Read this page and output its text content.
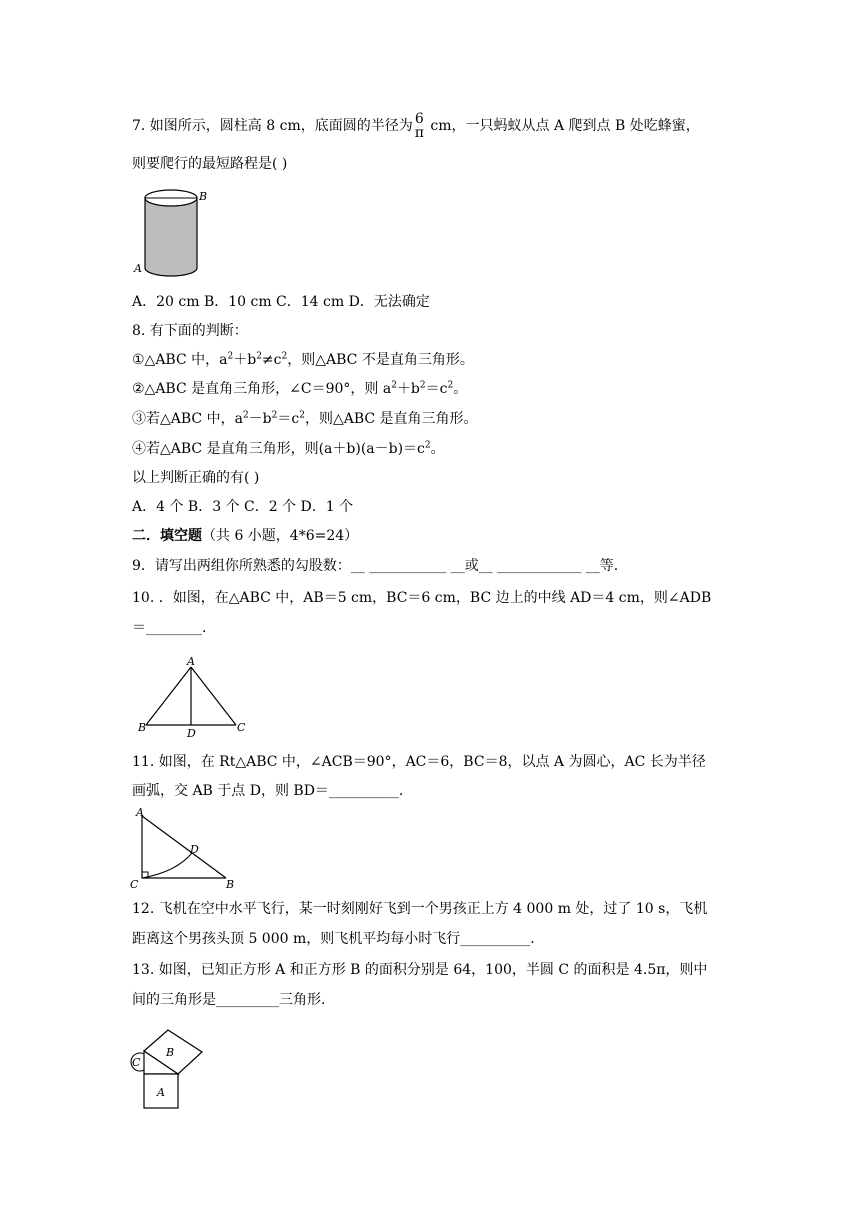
7. 如图所示，圆柱高 8 cm，底面圆的半径为 6
π cm，一只蚂蚁从点 A 爬到点 B 处吃蜂蜜，
则要爬行的最短路程是( )
B
A
A．20 cm B．10 cm C．14 cm D．无法确定
8. 有下面的判断：
①△ABC 中，$a^2+b^2\ne c^2$，则△ABC 不是直角三角形。
②△ABC 是直角三角形，∠C＝90°，则 $a^2+b^2=c^2$。
③若△ABC 中，$a^2-b^2=c^2$，则△ABC 是直角三角形。
④若△ABC 是直角三角形，则$(a+b)(a-b)=c^2$。
以上判断正确的有( )
A．4 个 B．3 个 C．2 个 D．1 个
二．填空题（共 6 小题，4*6=24）
9．请写出两组你所熟悉的勾股数：__ ___________ __或__ ____________ __等.
10. ．如图，在△ABC 中，AB＝5 cm，BC＝6 cm，BC 边上的中线 AD＝4 cm，则∠ADB
＝________.
A
B	C
D
11. 如图，在 Rt△ABC 中，∠ACB＝90°，AC＝6，BC＝8，以点 A 为圆心，AC 长为半径
画弧，交 AB 于点 D，则 BD＝__________.
A
D
C	B
12. 飞机在空中水平飞行，某一时刻刚好飞到一个男孩正上方 4 000 m 处，过了 10 s，飞机
距离这个男孩头顶 5 000 m，则飞机平均每小时飞行__________.
13. 如图，已知正方形 A 和正方形 B 的面积分别是 64，100，半圆 C 的面积是 4.5π，则中
间的三角形是_________三角形.
B
C
A
